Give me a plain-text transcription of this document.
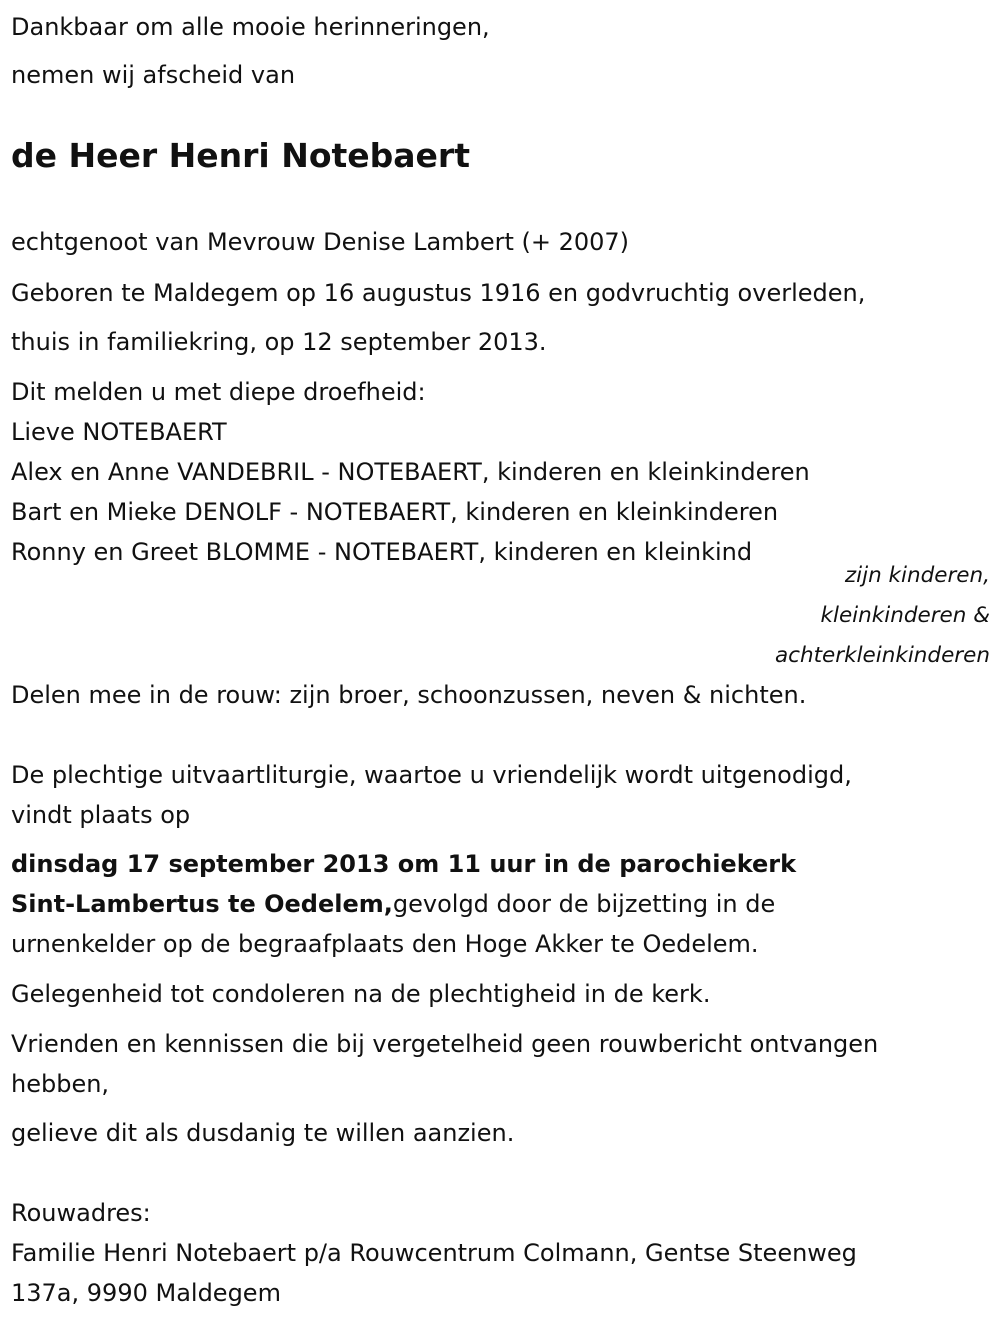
Dankbaar om alle mooie herinneringen,
nemen wij afscheid van
de Heer Henri Notebaert
echtgenoot van Mevrouw Denise Lambert (+ 2007)
Geboren te Maldegem op 16 augustus 1916 en godvruchtig overleden,
thuis in familiekring, op 12 september 2013.
Dit melden u met diepe droefheid:
Lieve NOTEBAERT
Alex en Anne VANDEBRIL - NOTEBAERT, kinderen en kleinkinderen
Bart en Mieke DENOLF - NOTEBAERT, kinderen en kleinkinderen
Ronny en Greet BLOMME - NOTEBAERT, kinderen en kleinkind
zijn kinderen,
kleinkinderen &
achterkleinkinderen
Delen mee in de rouw: zijn broer, schoonzussen, neven & nichten.
De plechtige uitvaartliturgie, waartoe u vriendelijk wordt uitgenodigd,
vindt plaats op
dinsdag 17 september 2013 om 11 uur in de parochiekerk
Sint-Lambertus te Oedelem,gevolgd door de bijzetting in de
urnenkelder op de begraafplaats den Hoge Akker te Oedelem.
Gelegenheid tot condoleren na de plechtigheid in de kerk.
Vrienden en kennissen die bij vergetelheid geen rouwbericht ontvangen
hebben,
gelieve dit als dusdanig te willen aanzien.
Rouwadres:
Familie Henri Notebaert p/a Rouwcentrum Colmann, Gentse Steenweg
137a, 9990 Maldegem
